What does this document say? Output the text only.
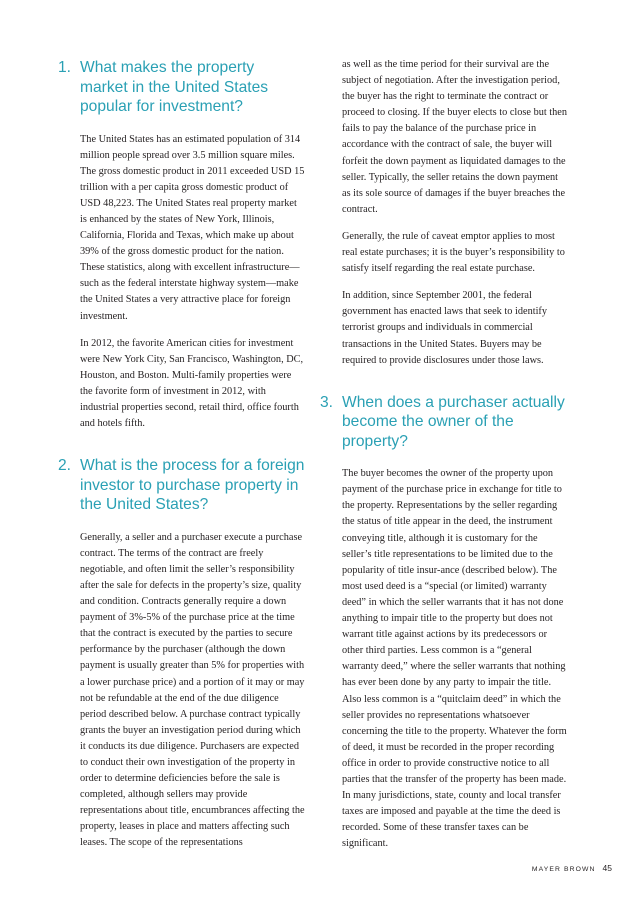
1. What makes the property market in the United States popular for investment?

The United States has an estimated population of 314 million people spread over 3.5 million square miles. The gross domestic product in 2011 exceeded USD 15 trillion with a per capita gross domestic product of USD 48,223. The United States real property market is enhanced by the states of New York, Illinois, California, Florida and Texas, which make up about 39% of the gross domestic product for the nation. These statistics, along with excellent infrastructure—such as the federal interstate highway system—make the United States a very attractive place for foreign investment.

In 2012, the favorite American cities for investment were New York City, San Francisco, Washington, DC, Houston, and Boston. Multi-family properties were the favorite form of investment in 2012, with industrial properties second, retail third, office fourth and hotels fifth.

2. What is the process for a foreign investor to purchase property in the United States?

Generally, a seller and a purchaser execute a purchase contract. The terms of the contract are freely negotiable, and often limit the seller’s responsibility after the sale for defects in the property’s size, quality and condition. Contracts generally require a down payment of 3%-5% of the purchase price at the time that the contract is executed by the parties to secure performance by the purchaser (although the down payment is usually greater than 5% for properties with a lower purchase price) and a portion of it may or may not be refundable at the end of the due diligence period described below. A purchase contract typically grants the buyer an investigation period during which it conducts its due diligence. Purchasers are expected to conduct their own investigation of the property in order to determine deficiencies before the sale is completed, although sellers may provide representations about title, encumbrances affecting the property, leases in place and matters affecting such leases. The scope of the representations

as well as the time period for their survival are the subject of negotiation. After the investigation period, the buyer has the right to terminate the contract or proceed to closing. If the buyer elects to close but then fails to pay the balance of the purchase price in accordance with the contract of sale, the buyer will forfeit the down payment as liquidated damages to the seller. Typically, the seller retains the down payment as its sole source of damages if the buyer breaches the contract.

Generally, the rule of caveat emptor applies to most real estate purchases; it is the buyer’s responsibility to satisfy itself regarding the real estate purchase.

In addition, since September 2001, the federal government has enacted laws that seek to identify terrorist groups and individuals in commercial transactions in the United States. Buyers may be required to provide disclosures under those laws.

3. When does a purchaser actually become the owner of the property?

The buyer becomes the owner of the property upon payment of the purchase price in exchange for title to the property. Representations by the seller regarding the status of title appear in the deed, the instrument conveying title, although it is customary for the seller’s title representations to be limited due to the popularity of title insur-ance (described below). The most used deed is a “special (or limited) warranty deed” in which the seller warrants that it has not done anything to impair title to the property but does not warrant title against actions by its predecessors or other third parties. Less common is a “general warranty deed,” where the seller warrants that nothing has ever been done by any party to impair the title. Also less common is a “quitclaim deed” in which the seller provides no representations whatsoever concerning the title to the property. Whatever the form of deed, it must be recorded in the proper recording office in order to provide constructive notice to all parties that the transfer of the property has been made. In many jurisdictions, state, county and local transfer taxes are imposed and payable at the time the deed is recorded. Some of these transfer taxes can be significant.

MAYER BROWN 45
